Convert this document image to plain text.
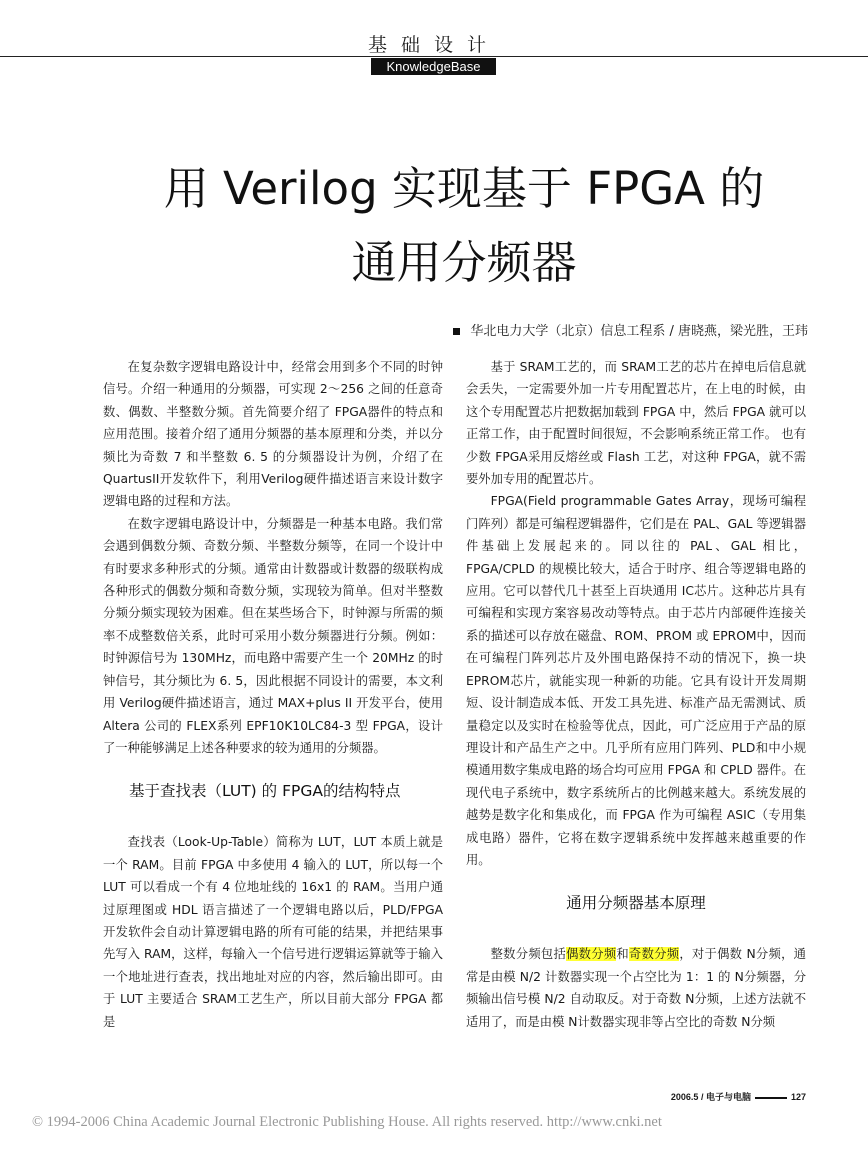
基础设计
KnowledgeBase
用 Verilog 实现基于 FPGA 的
通用分频器
华北电力大学（北京）信息工程系 / 唐晓燕，梁光胜，王玮

在复杂数字逻辑电路设计中，经常会用到多个不同的时钟信号。介绍一种通用的分频器，可实现 2～256 之间的任意奇数、偶数、半整数分频。首先简要介绍了 FPGA器件的特点和应用范围。接着介绍了通用分频器的基本原理和分类，并以分频比为奇数 7 和半整数 6. 5 的分频器设计为例，介绍了在QuartusII开发软件下，利用Verilog硬件描述语言来设计数字逻辑电路的过程和方法。

在数字逻辑电路设计中，分频器是一种基本电路。我们常会遇到偶数分频、奇数分频、半整数分频等，在同一个设计中有时要求多种形式的分频。通常由计数器或计数器的级联构成各种形式的偶数分频和奇数分频，实现较为简单。但对半整数分频分频实现较为困难。但在某些场合下，时钟源与所需的频率不成整数倍关系，此时可采用小数分频器进行分频。例如：时钟源信号为 130MHz，而电路中需要产生一个 20MHz 的时钟信号，其分频比为 6. 5，因此根据不同设计的需要，本文利用 Verilog硬件描述语言，通过 MAX+plus II 开发平台，使用 Altera 公司的 FLEX系列 EPF10K10LC84-3 型 FPGA，设计了一种能够满足上述各种要求的较为通用的分频器。

基于查找表（LUT) 的 FPGA的结构特点

查找表（Look-Up-Table）简称为 LUT，LUT 本质上就是一个 RAM。目前 FPGA 中多使用 4 输入的 LUT，所以每一个 LUT 可以看成一个有 4 位地址线的 16x1 的 RAM。当用户通过原理图或 HDL 语言描述了一个逻辑电路以后，PLD/FPGA 开发软件会自动计算逻辑电路的所有可能的结果，并把结果事先写入 RAM，这样，每输入一个信号进行逻辑运算就等于输入一个地址进行查表，找出地址对应的内容，然后输出即可。由于 LUT 主要适合 SRAM工艺生产，所以目前大部分 FPGA 都是

基于 SRAM工艺的，而 SRAM工艺的芯片在掉电后信息就会丢失，一定需要外加一片专用配置芯片，在上电的时候，由这个专用配置芯片把数据加载到 FPGA 中，然后 FPGA 就可以正常工作，由于配置时间很短，不会影响系统正常工作。 也有少数 FPGA采用反熔丝或 Flash 工艺，对这种 FPGA，就不需要外加专用的配置芯片。

FPGA(Field programmable Gates Array，现场可编程门阵列）都是可编程逻辑器件，它们是在 PAL、GAL 等逻辑器件基础上发展起来的。同以往的 PAL、GAL 相比，FPGA/CPLD 的规模比较大，适合于时序、组合等逻辑电路的应用。它可以替代几十甚至上百块通用 IC芯片。这种芯片具有可编程和实现方案容易改动等特点。由于芯片内部硬件连接关系的描述可以存放在磁盘、ROM、PROM 或 EPROM中，因而在可编程门阵列芯片及外围电路保持不动的情况下，换一块 EPROM芯片，就能实现一种新的功能。它具有设计开发周期短、设计制造成本低、开发工具先进、标准产品无需测试、质量稳定以及实时在检验等优点，因此，可广泛应用于产品的原理设计和产品生产之中。几乎所有应用门阵列、PLD和中小规模通用数字集成电路的场合均可应用 FPGA 和 CPLD 器件。在现代电子系统中，数字系统所占的比例越来越大。系统发展的越势是数字化和集成化，而 FPGA 作为可编程 ASIC（专用集成电路）器件，它将在数字逻辑系统中发挥越来越重要的作用。

通用分频器基本原理

整数分频包括偶数分频和奇数分频，对于偶数 N分频，通常是由模 N/2 计数器实现一个占空比为 1：1 的 N分频器，分频输出信号模 N/2 自动取反。对于奇数 N分频，上述方法就不适用了，而是由模 N计数器实现非等占空比的奇数 N分频

2006.5 / 电子与电脑	127
© 1994-2006 China Academic Journal Electronic Publishing House. All rights reserved. http://www.cnki.net
